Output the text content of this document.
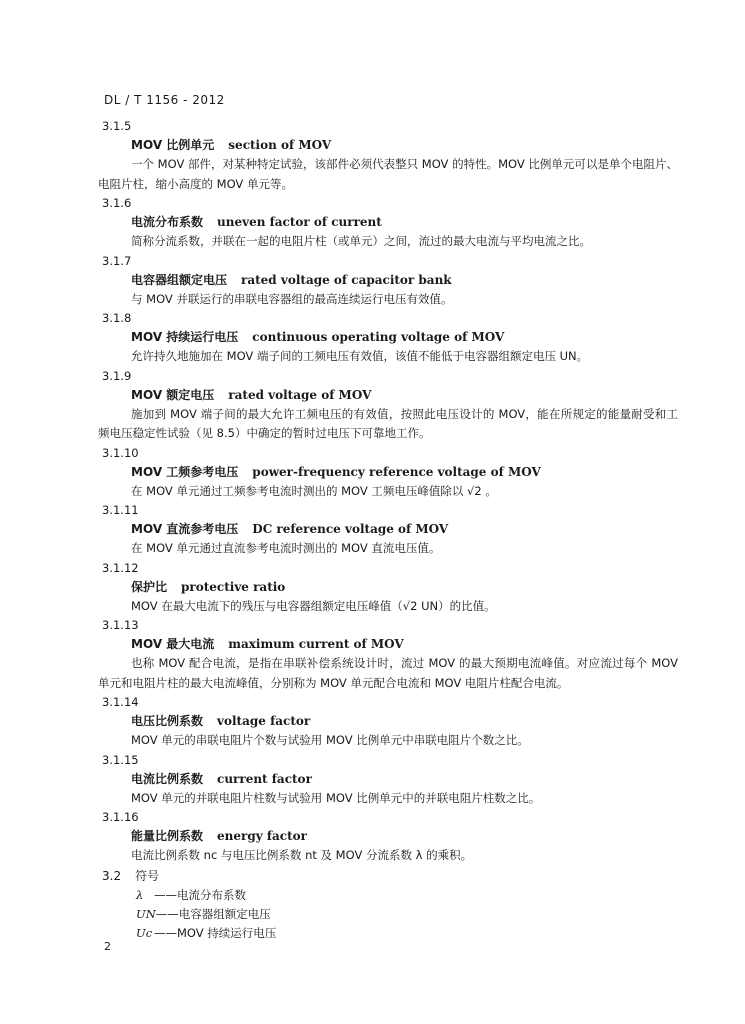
DL / T 1156 - 2012
3.1.5
MOV 比例单元 section of MOV
一个 MOV 部件，对某种特定试验，该部件必须代表整只 MOV 的特性。MOV 比例单元可以是单个电阻片、电阻片柱，缩小高度的 MOV 单元等。
3.1.6
电流分布系数 uneven factor of current
简称分流系数，并联在一起的电阻片柱（或单元）之间，流过的最大电流与平均电流之比。
3.1.7
电容器组额定电压 rated voltage of capacitor bank
与 MOV 并联运行的串联电容器组的最高连续运行电压有效值。
3.1.8
MOV 持续运行电压 continuous operating voltage of MOV
允许持久地施加在 MOV 端子间的工频电压有效值，该值不能低于电容器组额定电压 UN。
3.1.9
MOV 额定电压 rated voltage of MOV
施加到 MOV 端子间的最大允许工频电压的有效值，按照此电压设计的 MOV，能在所规定的能量耐受和工频电压稳定性试验（见 8.5）中确定的暂时过电压下可靠地工作。
3.1.10
MOV 工频参考电压 power-frequency reference voltage of MOV
在 MOV 单元通过工频参考电流时测出的 MOV 工频电压峰值除以 √2 。
3.1.11
MOV 直流参考电压 DC reference voltage of MOV
在 MOV 单元通过直流参考电流时测出的 MOV 直流电压值。
3.1.12
保护比 protective ratio
MOV 在最大电流下的残压与电容器组额定电压峰值（√2 UN）的比值。
3.1.13
MOV 最大电流 maximum current of MOV
也称 MOV 配合电流，是指在串联补偿系统设计时，流过 MOV 的最大预期电流峰值。对应流过每个 MOV 单元和电阻片柱的最大电流峰值，分别称为 MOV 单元配合电流和 MOV 电阻片柱配合电流。
3.1.14
电压比例系数 voltage factor
MOV 单元的串联电阻片个数与试验用 MOV 比例单元中串联电阻片个数之比。
3.1.15
电流比例系数 current factor
MOV 单元的并联电阻片柱数与试验用 MOV 比例单元中的并联电阻片柱数之比。
3.1.16
能量比例系数 energy factor
电流比例系数 nc 与电压比例系数 nt 及 MOV 分流系数 λ 的乘积。
3.2 符号
λ ——电流分布系数
UN——电容器组额定电压
Uc ——MOV 持续运行电压
2
